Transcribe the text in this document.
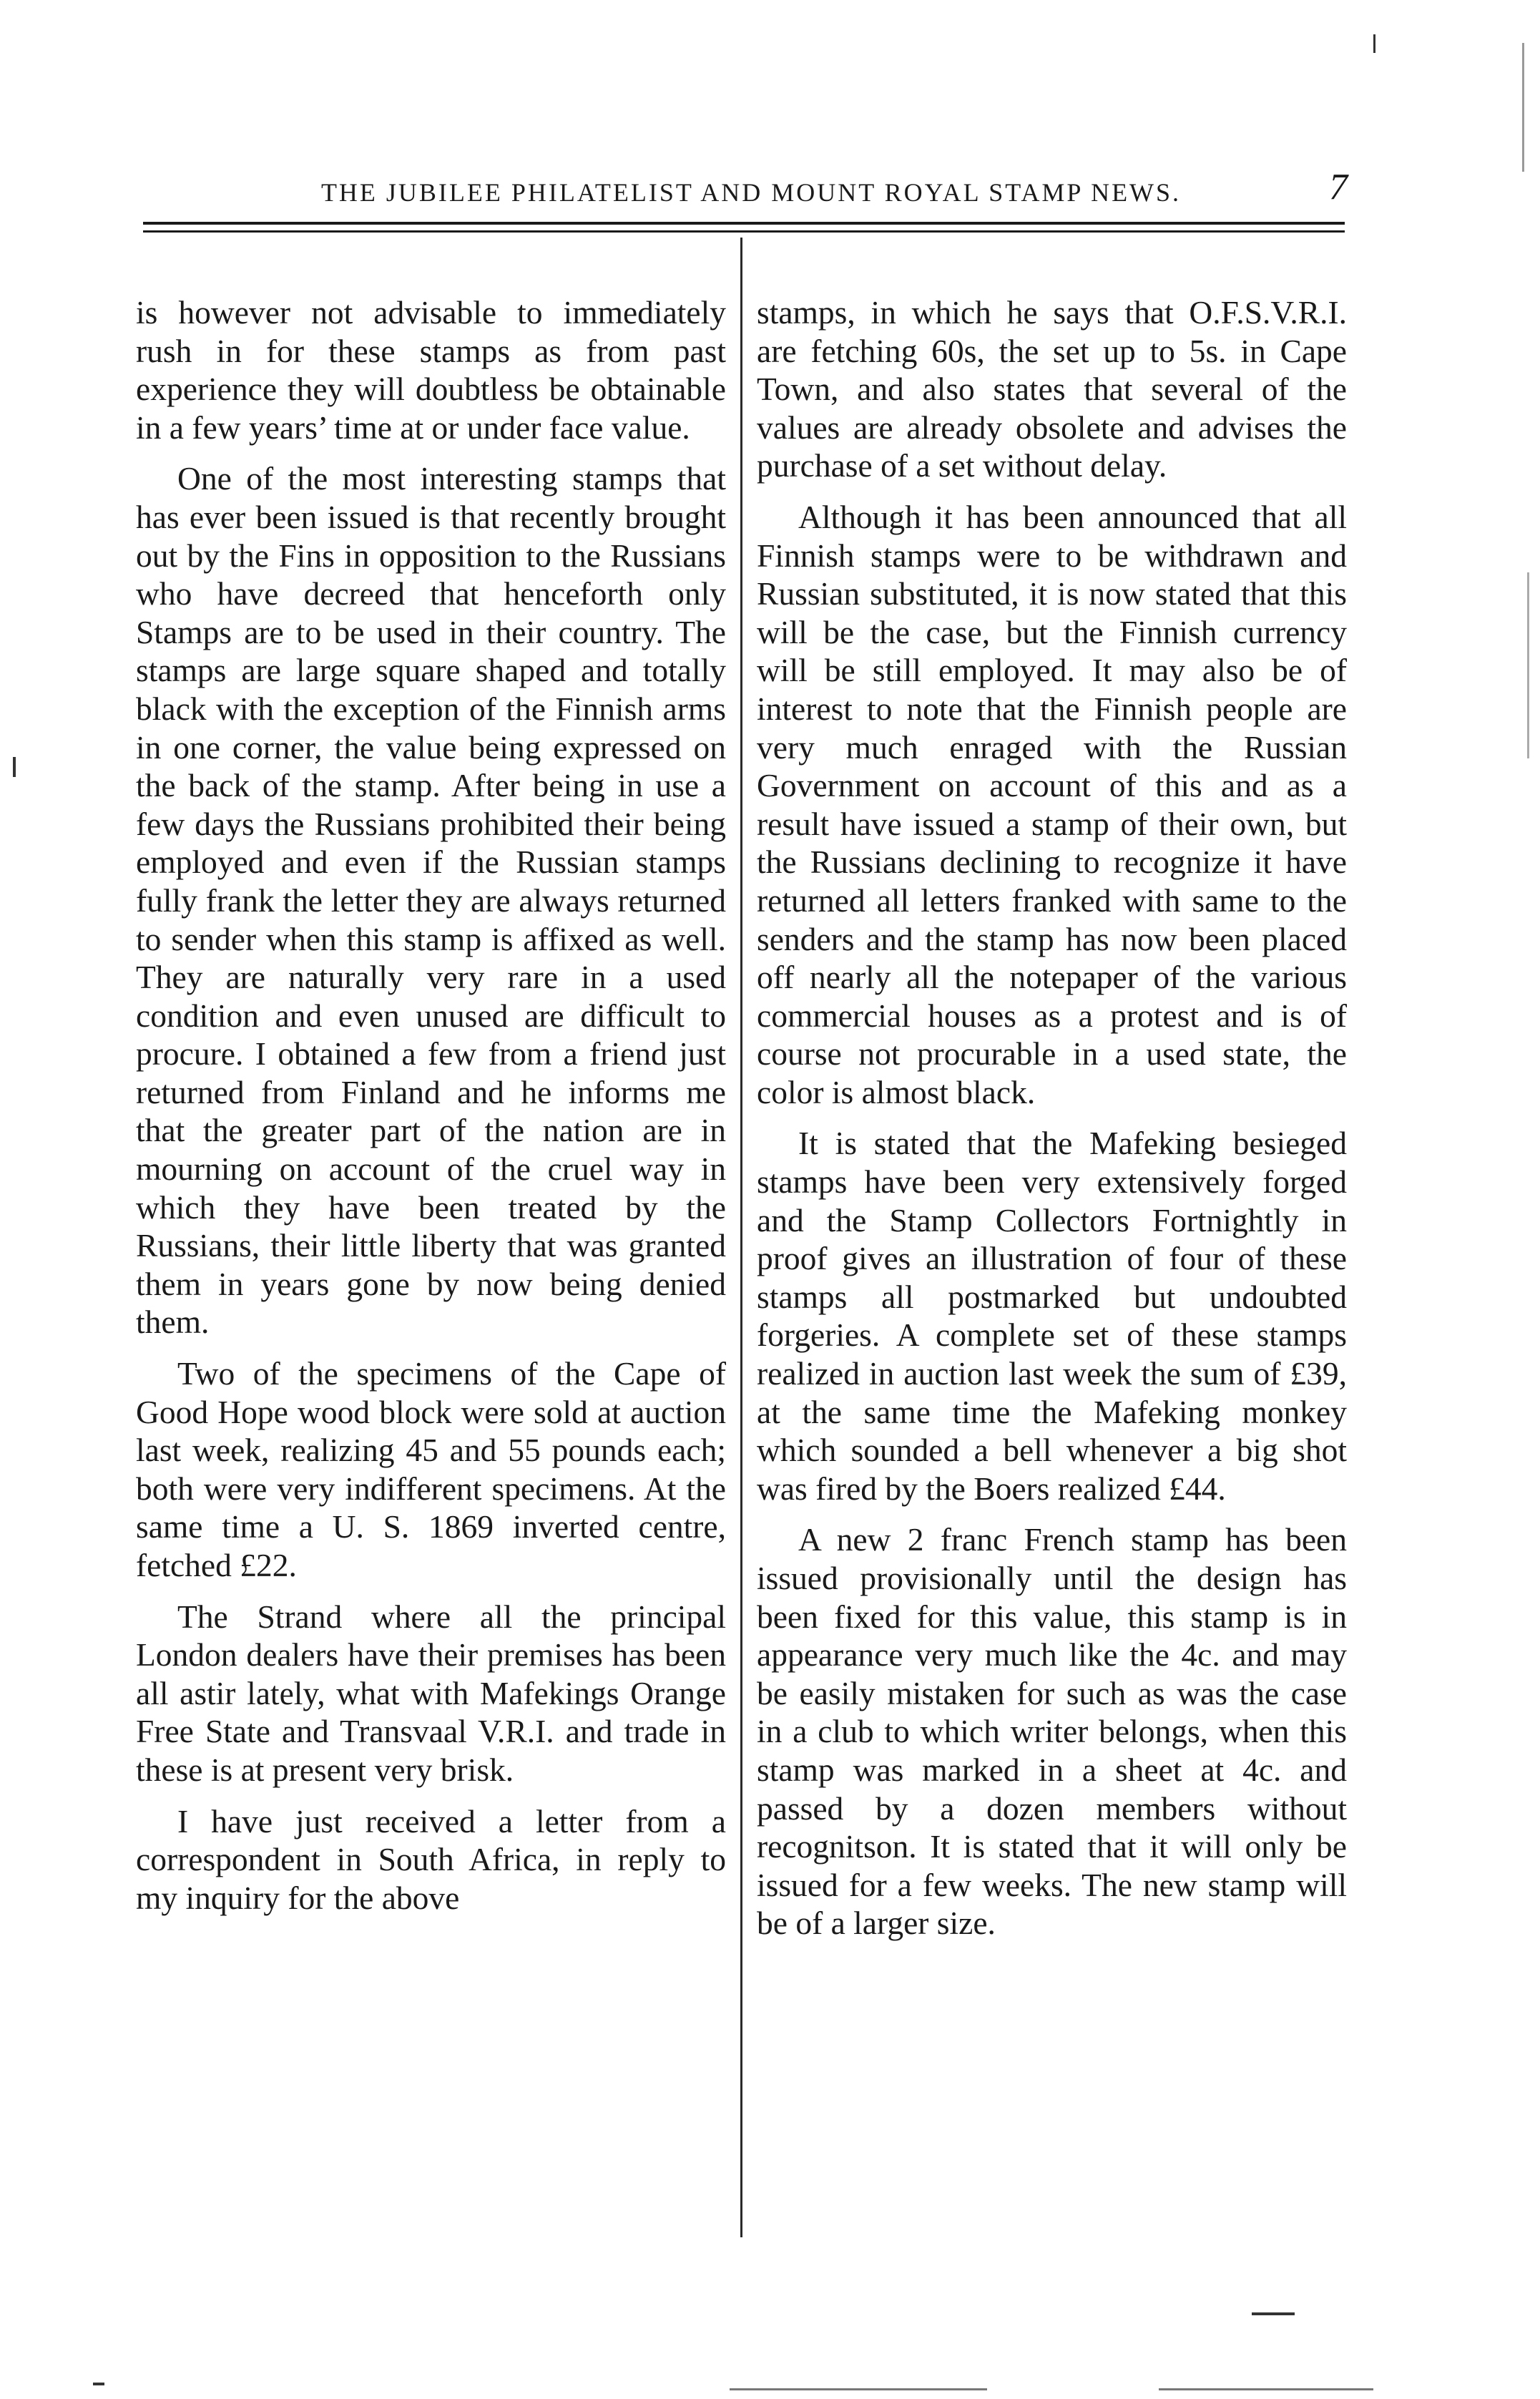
THE JUBILEE PHILATELIST AND MOUNT ROYAL STAMP NEWS.	7

is however not advisable to immediately rush in for these stamps as from past experience they will doubtless be obtainable in a few years’ time at or under face value.

One of the most interesting stamps that has ever been issued is that recently brought out by the Fins in opposition to the Russians who have decreed that henceforth only Stamps are to be used in their country. The stamps are large square shaped and totally black with the exception of the Finnish arms in one corner, the value being expressed on the back of the stamp. After being in use a few days the Russians prohibited their being employed and even if the Russian stamps fully frank the letter they are always returned to sender when this stamp is affixed as well. They are naturally very rare in a used condition and even unused are difficult to procure. I obtained a few from a friend just returned from Finland and he informs me that the greater part of the nation are in mourning on account of the cruel way in which they have been treated by the Russians, their little liberty that was granted them in years gone by now being denied them.

Two of the specimens of the Cape of Good Hope wood block were sold at auction last week, realizing 45 and 55 pounds each; both were very indifferent specimens. At the same time a U. S. 1869 inverted centre, fetched £22.

The Strand where all the principal London dealers have their premises has been all astir lately, what with Mafekings Orange Free State and Transvaal V.R.I. and trade in these is at present very brisk.

I have just received a letter from a correspondent in South Africa, in reply to my inquiry for the above

stamps, in which he says that O.F.S.V.R.I. are fetching 60s, the set up to 5s. in Cape Town, and also states that several of the values are already obsolete and advises the purchase of a set without delay.

Although it has been announced that all Finnish stamps were to be withdrawn and Russian substituted, it is now stated that this will be the case, but the Finnish currency will be still employed. It may also be of interest to note that the Finnish people are very much enraged with the Russian Government on account of this and as a result have issued a stamp of their own, but the Russians declining to recognize it have returned all letters franked with same to the senders and the stamp has now been placed off nearly all the notepaper of the various commercial houses as a protest and is of course not procurable in a used state, the color is almost black.

It is stated that the Mafeking besieged stamps have been very extensively forged and the Stamp Collectors Fortnightly in proof gives an illustration of four of these stamps all postmarked but undoubted forgeries. A complete set of these stamps realized in auction last week the sum of £39, at the same time the Mafeking monkey which sounded a bell whenever a big shot was fired by the Boers realized £44.

A new 2 franc French stamp has been issued provisionally until the design has been fixed for this value, this stamp is in appearance very much like the 4c. and may be easily mistaken for such as was the case in a club to which writer belongs, when this stamp was marked in a sheet at 4c. and passed by a dozen members without recognitson. It is stated that it will only be issued for a few weeks. The new stamp will be of a larger size.
